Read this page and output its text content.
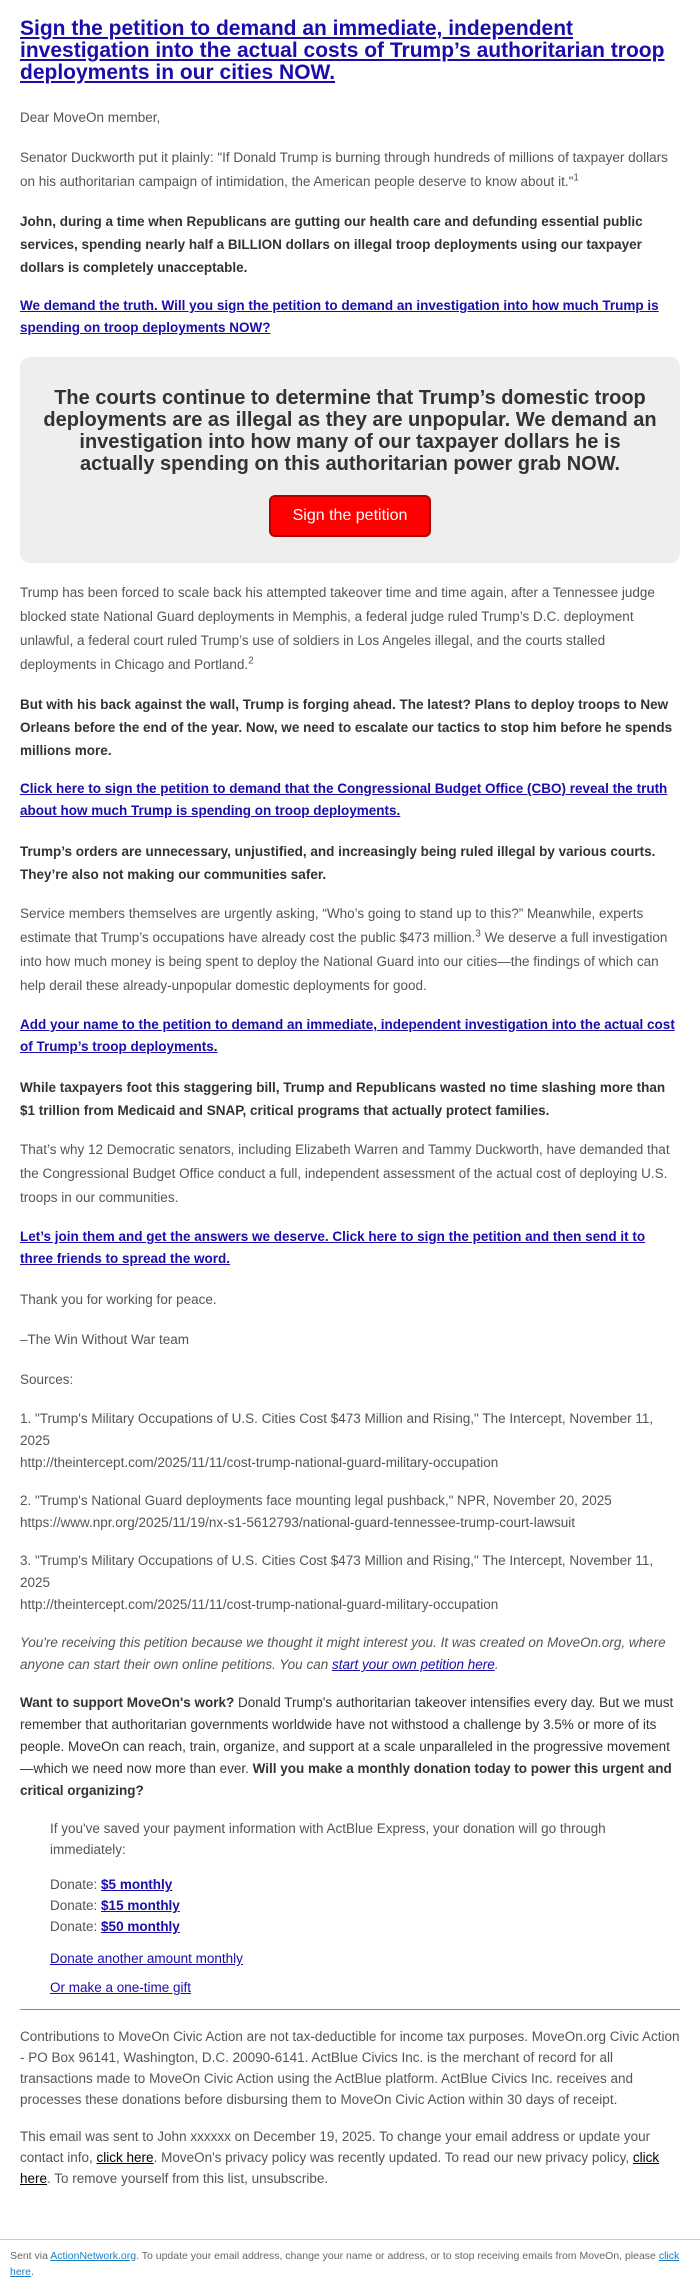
Sign the petition to demand an immediate, independent investigation into the actual costs of Trump’s authoritarian troop deployments in our cities NOW.

Dear MoveOn member,

Senator Duckworth put it plainly: "If Donald Trump is burning through hundreds of millions of taxpayer dollars on his authoritarian campaign of intimidation, the American people deserve to know about it."$^1$

John, during a time when Republicans are gutting our health care and defunding essential public services, spending nearly half a BILLION dollars on illegal troop deployments using our taxpayer dollars is completely unacceptable.

We demand the truth. Will you sign the petition to demand an investigation into how much Trump is spending on troop deployments NOW?

The courts continue to determine that Trump’s domestic troop deployments are as illegal as they are unpopular. We demand an investigation into how many of our taxpayer dollars he is actually spending on this authoritarian power grab NOW.
Sign the petition

Trump has been forced to scale back his attempted takeover time and time again, after a Tennessee judge blocked state National Guard deployments in Memphis, a federal judge ruled Trump’s D.C. deployment unlawful, a federal court ruled Trump’s use of soldiers in Los Angeles illegal, and the courts stalled deployments in Chicago and Portland.$^2$

But with his back against the wall, Trump is forging ahead. The latest? Plans to deploy troops to New Orleans before the end of the year. Now, we need to escalate our tactics to stop him before he spends millions more.

Click here to sign the petition to demand that the Congressional Budget Office (CBO) reveal the truth about how much Trump is spending on troop deployments.

Trump’s orders are unnecessary, unjustified, and increasingly being ruled illegal by various courts. They’re also not making our communities safer.

Service members themselves are urgently asking, “Who’s going to stand up to this?” Meanwhile, experts estimate that Trump’s occupations have already cost the public $473 million.$^3$ We deserve a full investigation into how much money is being spent to deploy the National Guard into our cities—the findings of which can help derail these already-unpopular domestic deployments for good.

Add your name to the petition to demand an immediate, independent investigation into the actual cost of Trump’s troop deployments.

While taxpayers foot this staggering bill, Trump and Republicans wasted no time slashing more than $1 trillion from Medicaid and SNAP, critical programs that actually protect families.

That’s why 12 Democratic senators, including Elizabeth Warren and Tammy Duckworth, have demanded that the Congressional Budget Office conduct a full, independent assessment of the actual cost of deploying U.S. troops in our communities.

Let’s join them and get the answers we deserve. Click here to sign the petition and then send it to three friends to spread the word.

Thank you for working for peace.

–The Win Without War team

Sources:

1. "Trump's Military Occupations of U.S. Cities Cost $473 Million and Rising," The Intercept, November 11, 2025
http://theintercept.com/2025/11/11/cost-trump-national-guard-military-occupation
2. "Trump's National Guard deployments face mounting legal pushback," NPR, November 20, 2025
https://www.npr.org/2025/11/19/nx-s1-5612793/national-guard-tennessee-trump-court-lawsuit
3. "Trump's Military Occupations of U.S. Cities Cost $473 Million and Rising," The Intercept, November 11, 2025
http://theintercept.com/2025/11/11/cost-trump-national-guard-military-occupation

You're receiving this petition because we thought it might interest you. It was created on MoveOn.org, where anyone can start their own online petitions. You can start your own petition here.

Want to support MoveOn's work? Donald Trump's authoritarian takeover intensifies every day. But we must remember that authoritarian governments worldwide have not withstood a challenge by 3.5% or more of its people. MoveOn can reach, train, organize, and support at a scale unparalleled in the progressive movement—which we need now more than ever. Will you make a monthly donation today to power this urgent and critical organizing?

If you've saved your payment information with ActBlue Express, your donation will go through immediately:

Donate: $5 monthly
Donate: $15 monthly
Donate: $50 monthly
Donate another amount monthly
Or make a one-time gift

Contributions to MoveOn Civic Action are not tax-deductible for income tax purposes. MoveOn.org Civic Action - PO Box 96141, Washington, D.C. 20090-6141. ActBlue Civics Inc. is the merchant of record for all transactions made to MoveOn Civic Action using the ActBlue platform. ActBlue Civics Inc. receives and processes these donations before disbursing them to MoveOn Civic Action within 30 days of receipt.

This email was sent to John xxxxxx on December 19, 2025. To change your email address or update your contact info, click here. MoveOn's privacy policy was recently updated. To read our new privacy policy, click here. To remove yourself from this list, unsubscribe.

Sent via ActionNetwork.org. To update your email address, change your name or address, or to stop receiving emails from MoveOn, please click here.
